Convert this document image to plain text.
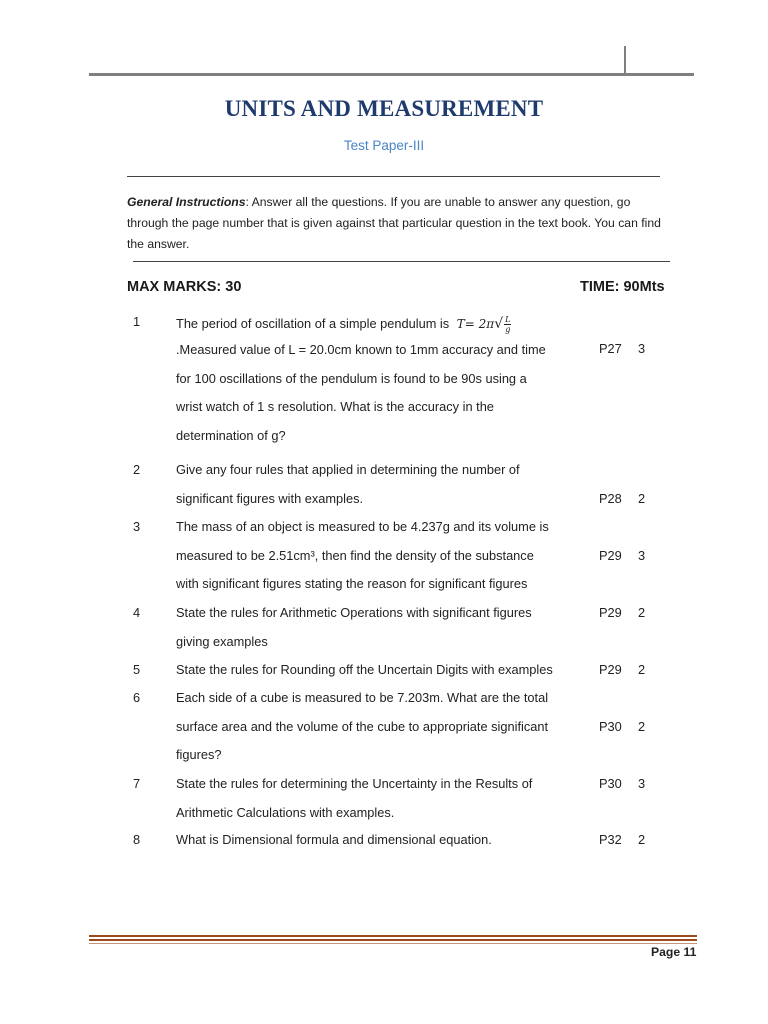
UNITS AND MEASUREMENT
Test Paper-III
General Instructions: Answer all the questions. If you are unable to answer any question, go through the page number that is given against that particular question in the text book. You can find the answer.
MAX MARKS: 30	TIME: 90Mts
1	The period of oscillation of a simple pendulum is $T= 2\pi√ \frac{L}{g}$
.Measured value of L = 20.0cm known to 1mm accuracy and time
for 100 oscillations of the pendulum is found to be 90s using a
wrist watch of 1 s resolution. What is the accuracy in the
determination of g?
P27 3
2	Give any four rules that applied in determining the number of
significant figures with examples.	P28 2
3	The mass of an object is measured to be 4.237g and its volume is
measured to be 2.51cm³, then find the density of the substance
with significant figures stating the reason for significant figures
P29 3
4	State the rules for Arithmetic Operations with significant figures
giving examples
P29 2
5	State the rules for Rounding off the Uncertain Digits with examples	P29 2
6	Each side of a cube is measured to be 7.203m. What are the total
surface area and the volume of the cube to appropriate significant
figures?
P30 2
7	State the rules for determining the Uncertainty in the Results of
Arithmetic Calculations with examples.
P30 3
8	What is Dimensional formula and dimensional equation.	P32 2
Page 11
